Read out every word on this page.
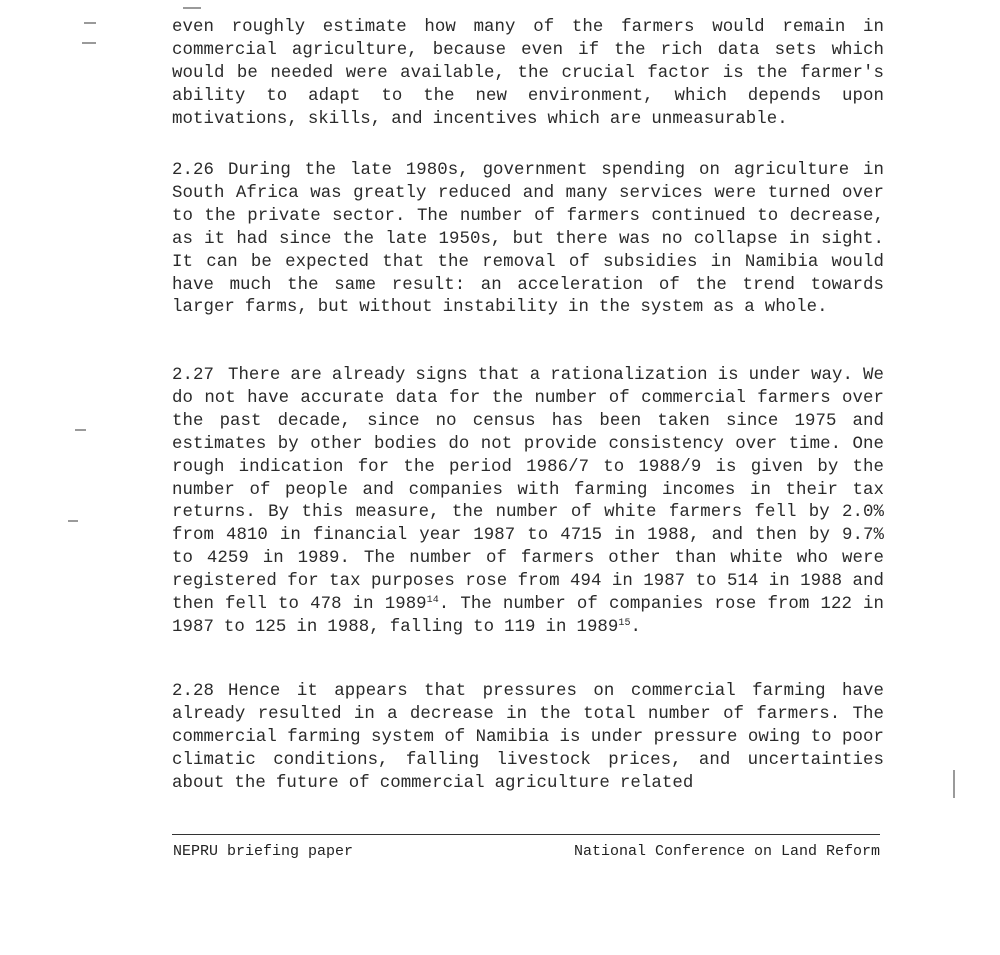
even roughly estimate how many of the farmers would remain in commercial agriculture, because even if the rich data sets which would be needed were available, the crucial factor is the farmer's ability to adapt to the new environment, which depends upon motivations, skills, and incentives which are unmeasurable.

2.26 During the late 1980s, government spending on agriculture in South Africa was greatly reduced and many services were turned over to the private sector. The number of farmers continued to decrease, as it had since the late 1950s, but there was no collapse in sight. It can be expected that the removal of subsidies in Namibia would have much the same result: an acceleration of the trend towards larger farms, but without instability in the system as a whole.

2.27 There are already signs that a rationalization is under way. We do not have accurate data for the number of commercial farmers over the past decade, since no census has been taken since 1975 and estimates by other bodies do not provide consistency over time. One rough indication for the period 1986/7 to 1988/9 is given by the number of people and companies with farming incomes in their tax returns. By this measure, the number of white farmers fell by 2.0% from 4810 in financial year 1987 to 4715 in 1988, and then by 9.7% to 4259 in 1989. The number of farmers other than white who were registered for tax purposes rose from 494 in 1987 to 514 in 1988 and then fell to 478 in 1989$^{14}$. The number of companies rose from 122 in 1987 to 125 in 1988, falling to 119 in 1989$^{15}$.

2.28 Hence it appears that pressures on commercial farming have already resulted in a decrease in the total number of farmers. The commercial farming system of Namibia is under pressure owing to poor climatic conditions, falling livestock prices, and uncertainties about the future of commercial agriculture related

NEPRU briefing paper	National Conference on Land Reform
